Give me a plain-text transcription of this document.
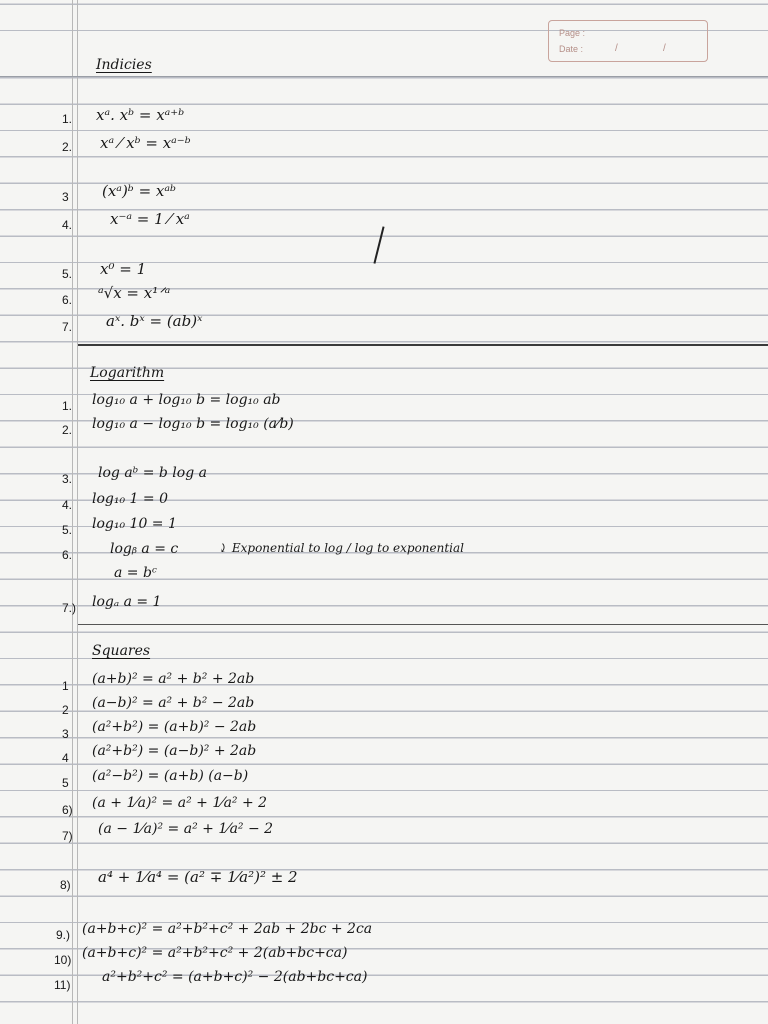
Page :
Date :	/	/
Indicies
1. xᵃ. xᵇ = xᵃ⁺ᵇ
2. xᵃ ⁄ xᵇ = xᵃ⁻ᵇ
3 (xᵃ)ᵇ = xᵃᵇ
4.	x⁻ᵃ = 1 ⁄ xᵃ
5. x⁰ = 1
6. ᵃ√x = x¹ᐟᵃ
7. aˣ. bˣ = (ab)ˣ
Logarithm
1. log₁₀ a + log₁₀ b = log₁₀ ab
2. log₁₀ a − log₁₀ b = log₁₀ (a⁄b)
3. log aᵇ = b log a
4. log₁₀ 1 = 0
5. log₁₀ 10 = 1
6.	logᵦ a = c	⤸ Exponential to log / log to exponential
a = bᶜ
7.) logₐ a = 1
Squares
1 (a+b)² = a² + b² + 2ab
2 (a−b)² = a² + b² − 2ab
3 (a²+b²) = (a+b)² − 2ab
4 (a²+b²) = (a−b)² + 2ab
5 (a²−b²) = (a+b) (a−b)
6) (a + 1⁄a)² = a² + 1⁄a² + 2
7) (a − 1⁄a)² = a² + 1⁄a² − 2
8) a⁴ + 1⁄a⁴ = (a² ∓ 1⁄a²)² ± 2
9.) (a+b+c)² = a²+b²+c² + 2ab + 2bc + 2ca
10) (a+b+c)² = a²+b²+c² + 2(ab+bc+ca)
11) a²+b²+c² = (a+b+c)² − 2(ab+bc+ca)
